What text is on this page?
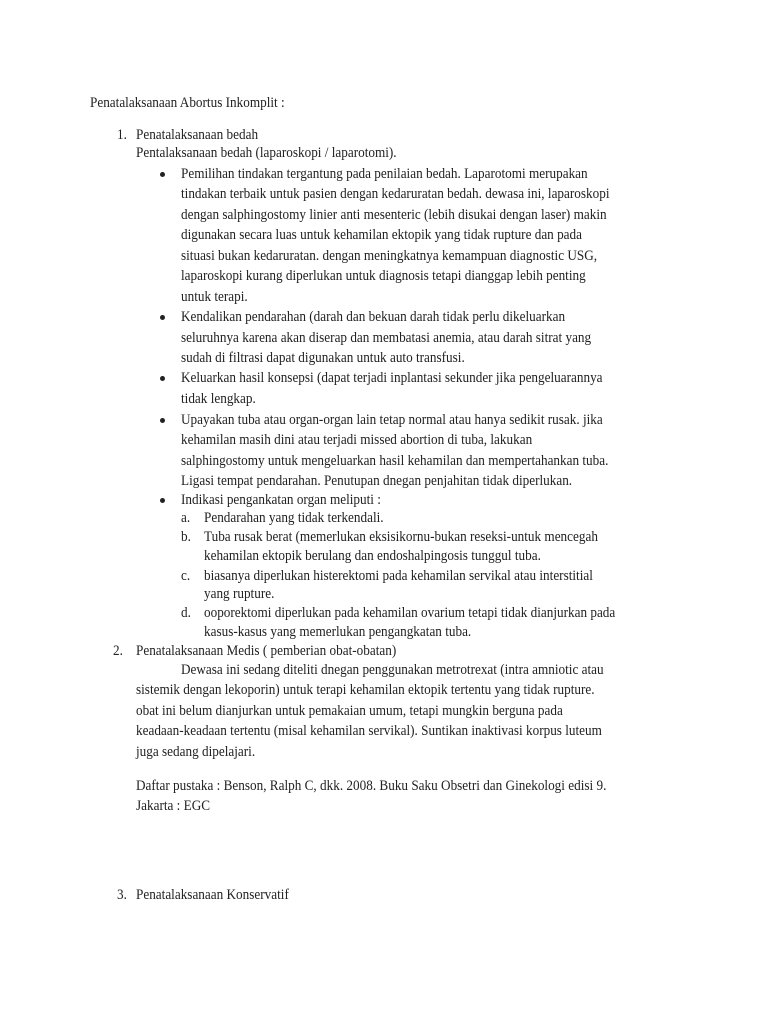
Penatalaksanaan Abortus Inkomplit :
1. Penatalaksanaan bedah
Pentalaksanaan bedah (laparoskopi / laparotomi).
Pemilihan tindakan tergantung pada penilaian bedah. Laparotomi merupakan
tindakan terbaik untuk pasien dengan kedaruratan bedah. dewasa ini, laparoskopi
dengan salphingostomy linier anti mesenteric (lebih disukai dengan laser) makin
digunakan secara luas untuk kehamilan ektopik yang tidak rupture dan pada
situasi bukan kedaruratan. dengan meningkatnya kemampuan diagnostic USG,
laparoskopi kurang diperlukan untuk diagnosis tetapi dianggap lebih penting
untuk terapi.
Kendalikan pendarahan (darah dan bekuan darah tidak perlu dikeluarkan
seluruhnya karena akan diserap dan membatasi anemia, atau darah sitrat yang
sudah di filtrasi dapat digunakan untuk auto transfusi.
Keluarkan hasil konsepsi (dapat terjadi inplantasi sekunder jika pengeluarannya
tidak lengkap.
Upayakan tuba atau organ-organ lain tetap normal atau hanya sedikit rusak. jika
kehamilan masih dini atau terjadi missed abortion di tuba, lakukan
salphingostomy untuk mengeluarkan hasil kehamilan dan mempertahankan tuba.
Ligasi tempat pendarahan. Penutupan dnegan penjahitan tidak diperlukan.
Indikasi pengankatan organ meliputi :
a. Pendarahan yang tidak terkendali.
b. Tuba rusak berat (memerlukan eksisikornu-bukan reseksi-untuk mencegah
kehamilan ektopik berulang dan endoshalpingosis tunggul tuba.
c. biasanya diperlukan histerektomi pada kehamilan servikal atau interstitial
yang rupture.
d. ooporektomi diperlukan pada kehamilan ovarium tetapi tidak dianjurkan pada
kasus-kasus yang memerlukan pengangkatan tuba.
2. Penatalaksanaan Medis ( pemberian obat-obatan)
Dewasa ini sedang diteliti dnegan penggunakan metrotrexat (intra amniotic atau
sistemik dengan lekoporin) untuk terapi kehamilan ektopik tertentu yang tidak rupture.
obat ini belum dianjurkan untuk pemakaian umum, tetapi mungkin berguna pada
keadaan-keadaan tertentu (misal kehamilan servikal). Suntikan inaktivasi korpus luteum
juga sedang dipelajari.
Daftar pustaka : Benson, Ralph C, dkk. 2008. Buku Saku Obsetri dan Ginekologi edisi 9.
Jakarta : EGC
3. Penatalaksanaan Konservatif
